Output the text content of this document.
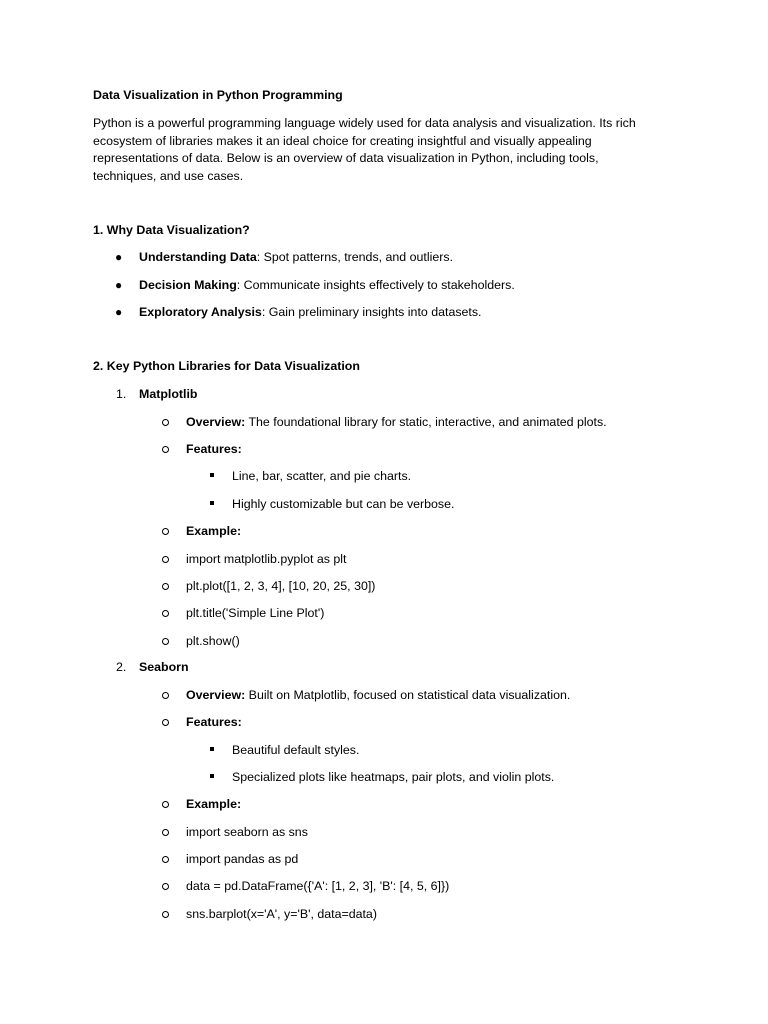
Data Visualization in Python Programming
Python is a powerful programming language widely used for data analysis and visualization. Its rich
ecosystem of libraries makes it an ideal choice for creating insightful and visually appealing
representations of data. Below is an overview of data visualization in Python, including tools,
techniques, and use cases.
1. Why Data Visualization?
● Understanding Data: Spot patterns, trends, and outliers.
● Decision Making: Communicate insights effectively to stakeholders.
● Exploratory Analysis: Gain preliminary insights into datasets.
2. Key Python Libraries for Data Visualization
1. Matplotlib
Overview: The foundational library for static, interactive, and animated plots.
Features:
Line, bar, scatter, and pie charts.
Highly customizable but can be verbose.
Example:
import matplotlib.pyplot as plt
plt.plot([1, 2, 3, 4], [10, 20, 25, 30])
plt.title('Simple Line Plot')
plt.show()
2. Seaborn
Overview: Built on Matplotlib, focused on statistical data visualization.
Features:
Beautiful default styles.
Specialized plots like heatmaps, pair plots, and violin plots.
Example:
import seaborn as sns
import pandas as pd
data = pd.DataFrame({'A': [1, 2, 3], 'B': [4, 5, 6]})
sns.barplot(x='A', y='B', data=data)
